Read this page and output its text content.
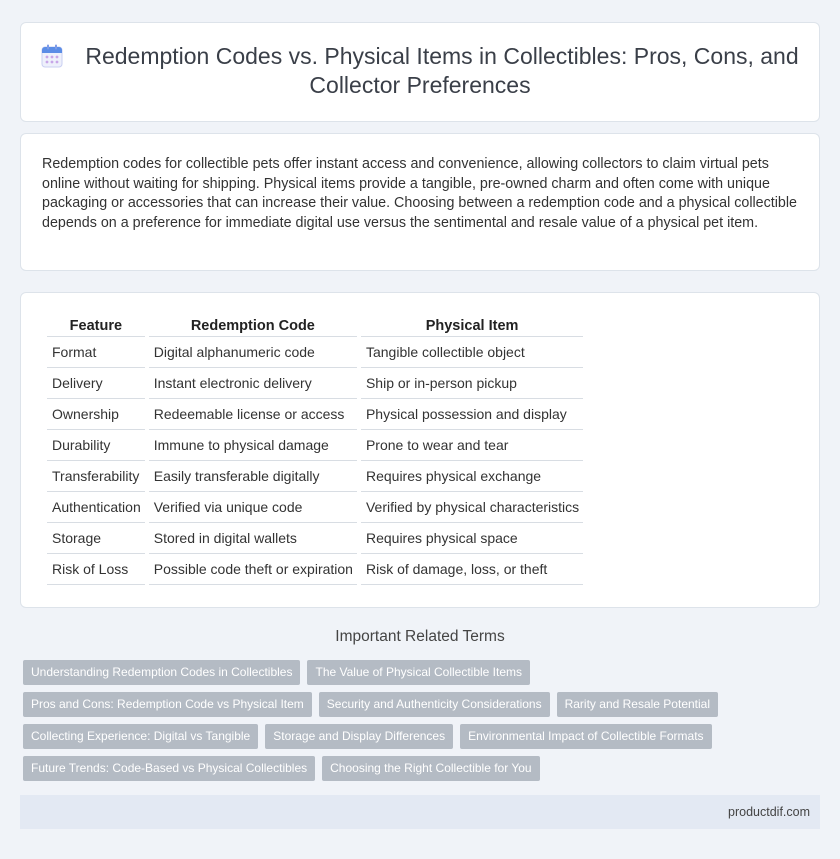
Redemption Codes vs. Physical Items in Collectibles: Pros, Cons, and Collector Preferences

Redemption codes for collectible pets offer instant access and convenience, allowing collectors to claim virtual pets online without waiting for shipping. Physical items provide a tangible, pre-owned charm and often come with unique packaging or accessories that can increase their value. Choosing between a redemption code and a physical collectible depends on a preference for immediate digital use versus the sentimental and resale value of a physical pet item.

Feature	Redemption Code	Physical Item
Format	Digital alphanumeric code	Tangible collectible object
Delivery	Instant electronic delivery	Ship or in-person pickup
Ownership	Redeemable license or access	Physical possession and display
Durability	Immune to physical damage	Prone to wear and tear
Transferability	Easily transferable digitally	Requires physical exchange
Authentication	Verified via unique code	Verified by physical characteristics
Storage	Stored in digital wallets	Requires physical space
Risk of Loss	Possible code theft or expiration	Risk of damage, loss, or theft
Important Related Terms
Understanding Redemption Codes in Collectibles	The Value of Physical Collectible Items
Pros and Cons: Redemption Code vs Physical Item	Security and Authenticity Considerations	Rarity and Resale Potential
Collecting Experience: Digital vs Tangible	Storage and Display Differences	Environmental Impact of Collectible Formats
Future Trends: Code-Based vs Physical Collectibles	Choosing the Right Collectible for You
productdif.com
